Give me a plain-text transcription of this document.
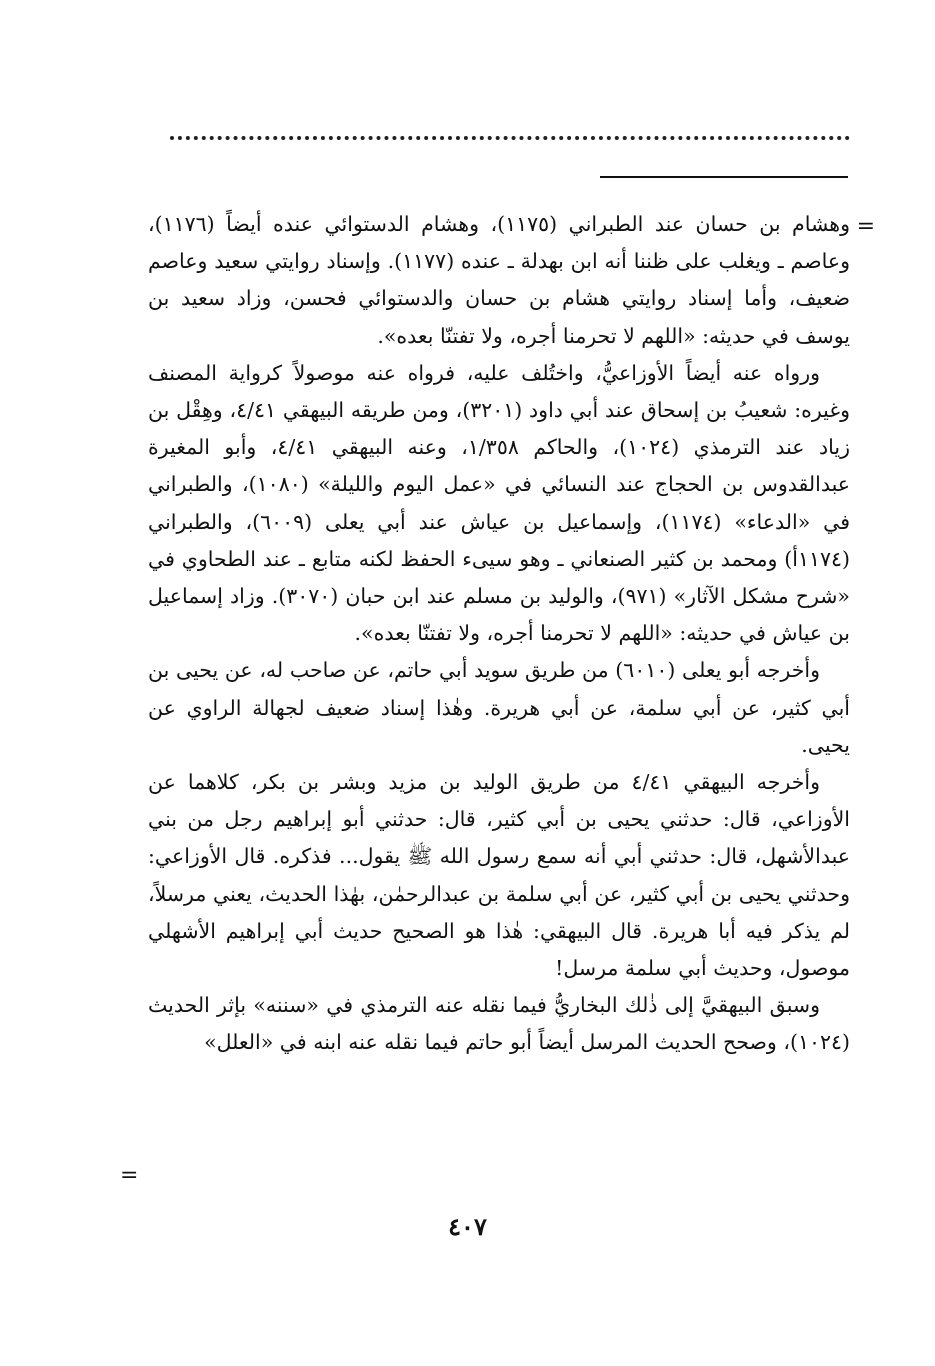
=

وهشام بن حسان عند الطبراني (١١٧٥)، وهشام الدستوائي عنده أيضاً (١١٧٦)، وعاصم ـ ويغلب على ظننا أنه ابن بهدلة ـ عنده (١١٧٧). وإسناد روايتي سعيد وعاصم ضعيف، وأما إسناد روايتي هشام بن حسان والدستوائي فحسن، وزاد سعيد بن يوسف في حديثه: «اللهم لا تحرمنا أجره، ولا تفتنّا بعده».

ورواه عنه أيضاً الأوزاعيُّ، واختُلف عليه، فرواه عنه موصولاً كرواية المصنف وغيره: شعيبُ بن إسحاق عند أبي داود (٣٢٠١)، ومن طريقه البيهقي ٤/٤١، وهِقْل بن زياد عند الترمذي (١٠٢٤)، والحاكم ١/٣٥٨، وعنه البيهقي ٤/٤١، وأبو المغيرة عبدالقدوس بن الحجاج عند النسائي في «عمل اليوم والليلة» (١٠٨٠)، والطبراني في «الدعاء» (١١٧٤)، وإسماعيل بن عياش عند أبي يعلى (٦٠٠٩)، والطبراني (١١٧٤أ) ومحمد بن كثير الصنعاني ـ وهو سيىء الحفظ لكنه متابع ـ عند الطحاوي في «شرح مشكل الآثار» (٩٧١)، والوليد بن مسلم عند ابن حبان (٣٠٧٠). وزاد إسماعيل بن عياش في حديثه: «اللهم لا تحرمنا أجره، ولا تفتنّا بعده».

وأخرجه أبو يعلى (٦٠١٠) من طريق سويد أبي حاتم، عن صاحب له، عن يحيى بن أبي كثير، عن أبي سلمة، عن أبي هريرة. وهٰذا إسناد ضعيف لجهالة الراوي عن يحيى.

وأخرجه البيهقي ٤/٤١ من طريق الوليد بن مزيد وبشر بن بكر، كلاهما عن الأوزاعي، قال: حدثني يحيى بن أبي كثير، قال: حدثني أبو إبراهيم رجل من بني عبدالأشهل، قال: حدثني أبي أنه سمع رسول الله ﷺ يقول... فذكره. قال الأوزاعي: وحدثني يحيى بن أبي كثير، عن أبي سلمة بن عبدالرحمٰن، بهٰذا الحديث، يعني مرسلاً، لم يذكر فيه أبا هريرة. قال البيهقي: هٰذا هو الصحيح حديث أبي إبراهيم الأشهلي موصول، وحديث أبي سلمة مرسل!

وسبق البيهقيَّ إلى ذٰلك البخاريُّ فيما نقله عنه الترمذي في «سننه» بإثر الحديث (١٠٢٤)، وصحح الحديث المرسل أيضاً أبو حاتم فيما نقله عنه ابنه في «العلل»

=
٤٠٧
